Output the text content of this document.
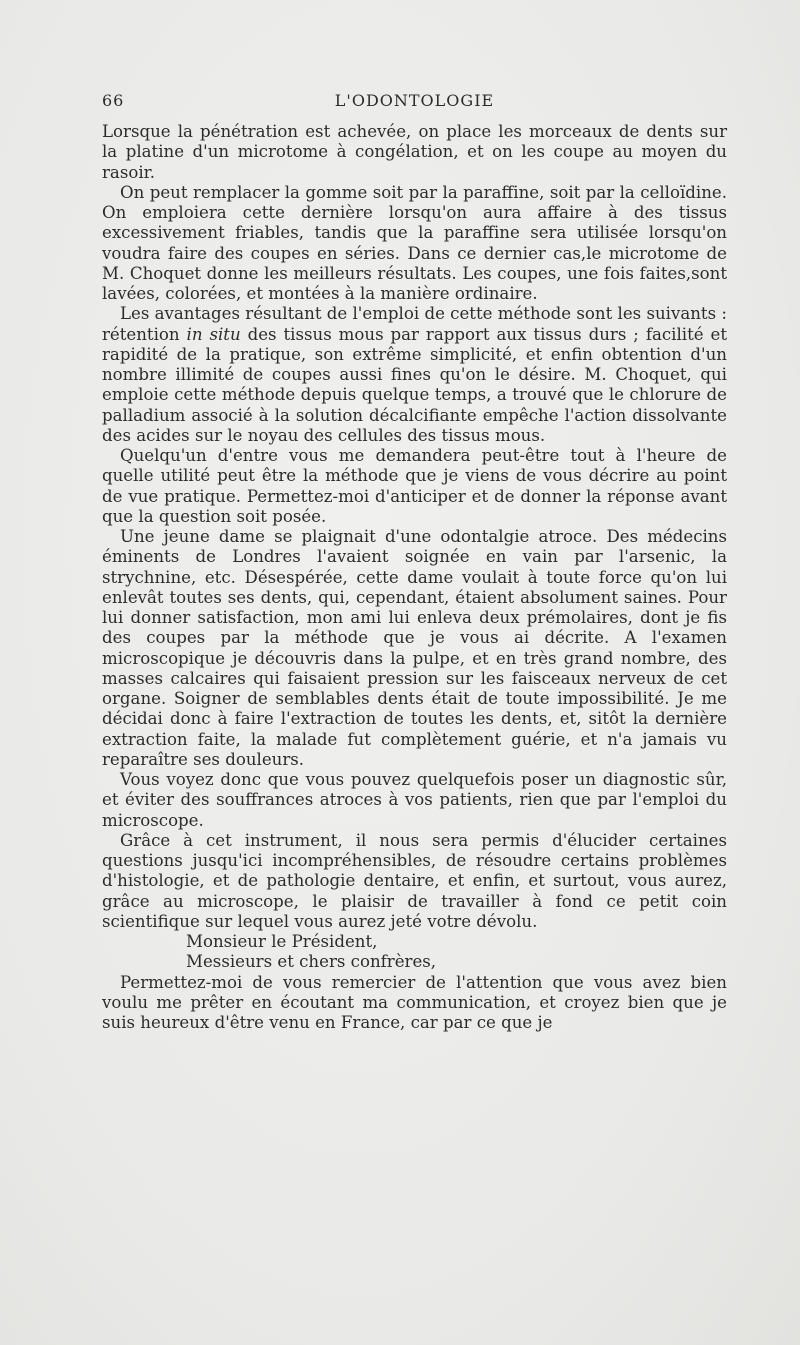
66	L'ODONTOLOGIE

Lorsque la pénétration est achevée, on place les morceaux de dents sur la platine d'un microtome à congélation, et on les coupe au moyen du rasoir.

On peut remplacer la gomme soit par la paraffine, soit par la celloïdine. On emploiera cette dernière lorsqu'on aura affaire à des tissus excessivement friables, tandis que la paraffine sera utilisée lorsqu'on voudra faire des coupes en séries. Dans ce dernier cas,le microtome de M. Choquet donne les meilleurs résultats. Les coupes, une fois faites,sont lavées, colorées, et montées à la manière ordinaire.

Les avantages résultant de l'emploi de cette méthode sont les suivants : rétention in situ des tissus mous par rapport aux tissus durs ; facilité et rapidité de la pratique, son extrême simplicité, et enfin obtention d'un nombre illimité de coupes aussi fines qu'on le désire. M. Choquet, qui emploie cette méthode depuis quelque temps, a trouvé que le chlorure de palladium associé à la solution décalcifiante empêche l'action dissolvante des acides sur le noyau des cellules des tissus mous.

Quelqu'un d'entre vous me demandera peut-être tout à l'heure de quelle utilité peut être la méthode que je viens de vous décrire au point de vue pratique. Permettez-moi d'anticiper et de donner la réponse avant que la question soit posée.

Une jeune dame se plaignait d'une odontalgie atroce. Des médecins éminents de Londres l'avaient soignée en vain par l'arsenic, la strychnine, etc. Désespérée, cette dame voulait à toute force qu'on lui enlevât toutes ses dents, qui, cependant, étaient absolument saines. Pour lui donner satisfaction, mon ami lui enleva deux prémolaires, dont je fis des coupes par la méthode que je vous ai décrite. A l'examen microscopique je découvris dans la pulpe, et en très grand nombre, des masses calcaires qui faisaient pression sur les faisceaux nerveux de cet organe. Soigner de semblables dents était de toute impossibilité. Je me décidai donc à faire l'extraction de toutes les dents, et, sitôt la dernière extraction faite, la malade fut complètement guérie, et n'a jamais vu reparaître ses douleurs.

Vous voyez donc que vous pouvez quelquefois poser un diagnostic sûr, et éviter des souffrances atroces à vos patients, rien que par l'emploi du microscope.

Grâce à cet instrument, il nous sera permis d'élucider certaines questions jusqu'ici incompréhensibles, de résoudre certains problèmes d'histologie, et de pathologie dentaire, et enfin, et surtout, vous aurez, grâce au microscope, le plaisir de travailler à fond ce petit coin scientifique sur lequel vous aurez jeté votre dévolu.

Monsieur le Président,

Messieurs et chers confrères,

Permettez-moi de vous remercier de l'attention que vous avez bien voulu me prêter en écoutant ma communication, et croyez bien que je suis heureux d'être venu en France, car par ce que je
